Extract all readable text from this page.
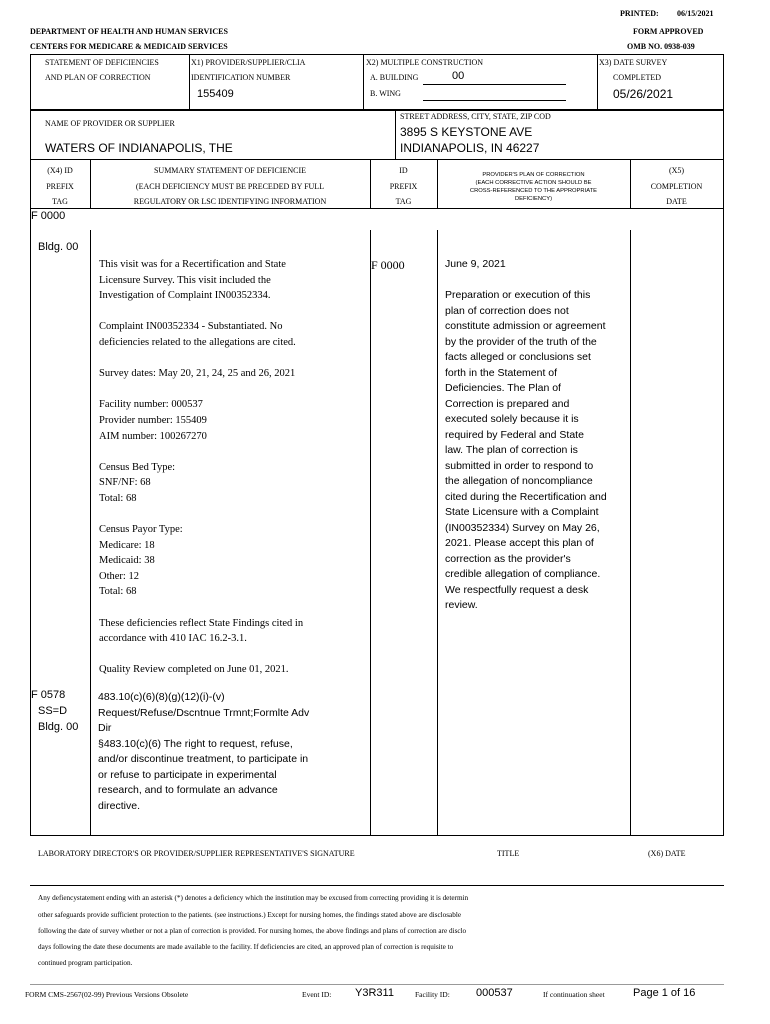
PRINTED: 06/15/2021
DEPARTMENT OF HEALTH AND HUMAN SERVICES
CENTERS FOR MEDICARE & MEDICAID SERVICES
FORM APPROVED
OMB NO. 0938-039
STATEMENT OF DEFICIENCIES
AND PLAN OF CORRECTION
X1) PROVIDER/SUPPLIER/CLIA
IDENTIFICATION NUMBER
155409
X2) MULTIPLE CONSTRUCTION
A. BUILDING	00
B. WING
X3) DATE SURVEY
COMPLETED
05/26/2021
NAME OF PROVIDER OR SUPPLIER
WATERS OF INDIANAPOLIS, THE
STREET ADDRESS, CITY, STATE, ZIP COD
3895 S KEYSTONE AVE
INDIANAPOLIS, IN 46227
(X4) ID
PREFIX
TAG
SUMMARY STATEMENT OF DEFICIENCIE
(EACH DEFICIENCY MUST BE PRECEDED BY FULL
REGULATORY OR LSC IDENTIFYING INFORMATION
ID
PREFIX
TAG
PROVIDER'S PLAN OF CORRECTION
(EACH CORRECTIVE ACTION SHOULD BE
CROSS-REFERENCED TO THE APPROPRIATE
DEFICIENCY)
(X5)
COMPLETION
DATE
F 0000
Bldg. 00
This visit was for a Recertification and State
Licensure Survey. This visit included the
Investigation of Complaint IN00352334.

Complaint IN00352334 - Substantiated. No
deficiencies related to the allegations are cited.

Survey dates: May 20, 21, 24, 25 and 26, 2021

Facility number: 000537
Provider number: 155409
AIM number: 100267270

Census Bed Type:
SNF/NF: 68
Total: 68

Census Payor Type:
Medicare: 18
Medicaid: 38
Other: 12
Total: 68

These deficiencies reflect State Findings cited in
accordance with 410 IAC 16.2-3.1.

Quality Review completed on June 01, 2021.
F 0000	June 9, 2021
Preparation or execution of this
plan of correction does not
constitute admission or agreement
by the provider of the truth of the
facts alleged or conclusions set
forth in the Statement of
Deficiencies. The Plan of
Correction is prepared and
executed solely because it is
required by Federal and State
law. The plan of correction is
submitted in order to respond to
the allegation of noncompliance
cited during the Recertification and
State Licensure with a Complaint
(IN00352334) Survey on May 26,
2021. Please accept this plan of
correction as the provider's
credible allegation of compliance.
We respectfully request a desk
review.
F 0578
SS=D
Bldg. 00
483.10(c)(6)(8)(g)(12)(i)-(v)
Request/Refuse/Dscntnue Trmnt;Formlte Adv
Dir
§483.10(c)(6) The right to request, refuse,
and/or discontinue treatment, to participate in
or refuse to participate in experimental
research, and to formulate an advance
directive.
LABORATORY DIRECTOR'S OR PROVIDER/SUPPLIER REPRESENTATIVE'S SIGNATURE	TITLE	(X6) DATE
Any defiencystatement ending with an asterisk (*) denotes a deficiency which the institution may be excused from correcting providing it is determin
other safeguards provide sufficient protection to the patients. (see instructions.) Except for nursing homes, the findings stated above are disclosable
following the date of survey whether or not a plan of correction is provided. For nursing homes, the above findings and plans of correction are disclo
days following the date these documents are made available to the facility. If deficiencies are cited, an approved plan of correction is requisite to
continued program participation.
FORM CMS-2567(02-99) Previous Versions Obsolete	Event ID: Y3R311	Facility ID: 000537	If continuation sheet	Page 1 of 16
